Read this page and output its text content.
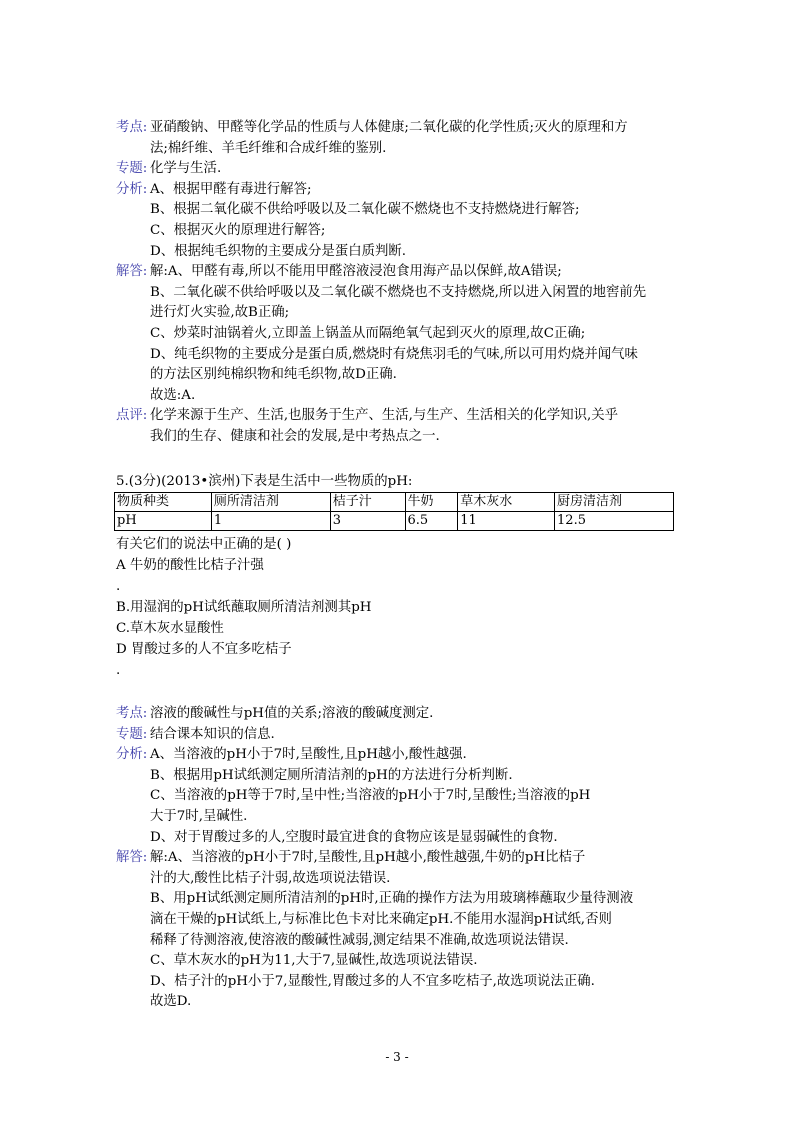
考点: 亚硝酸钠、甲醛等化学品的性质与人体健康;二氧化碳的化学性质;灭火的原理和方
法;棉纤维、羊毛纤维和合成纤维的鉴别.
专题: 化学与生活.
分析: A、根据甲醛有毒进行解答;
B、根据二氧化碳不供给呼吸以及二氧化碳不燃烧也不支持燃烧进行解答;
C、根据灭火的原理进行解答;
D、根据纯毛织物的主要成分是蛋白质判断.
解答: 解:A、甲醛有毒,所以不能用甲醛溶液浸泡食用海产品以保鲜,故A错误;
B、二氧化碳不供给呼吸以及二氧化碳不燃烧也不支持燃烧,所以进入闲置的地窖前先
进行灯火实验,故B正确;
C、炒菜时油锅着火,立即盖上锅盖从而隔绝氧气起到灭火的原理,故C正确;
D、纯毛织物的主要成分是蛋白质,燃烧时有烧焦羽毛的气味,所以可用灼烧并闻气味
的方法区别纯棉织物和纯毛织物,故D正确.
故选:A.
点评: 化学来源于生产、生活,也服务于生产、生活,与生产、生活相关的化学知识,关乎
我们的生存、健康和社会的发展,是中考热点之一.
5.(3分)(2013•滨州)下表是生活中一些物质的pH:
物质种类	厕所清洁剂	桔子汁	牛奶	草木灰水	厨房清洁剂
pH	1	3	6.5	11	12.5
有关它们的说法中正确的是( )
A 牛奶的酸性比桔子汁强
.
B.用湿润的pH试纸蘸取厕所清洁剂测其pH
C.草木灰水显酸性
D 胃酸过多的人不宜多吃桔子
.
考点: 溶液的酸碱性与pH值的关系;溶液的酸碱度测定.
专题: 结合课本知识的信息.
分析: A、当溶液的pH小于7时,呈酸性,且pH越小,酸性越强.
B、根据用pH试纸测定厕所清洁剂的pH的方法进行分析判断.
C、当溶液的pH等于7时,呈中性;当溶液的pH小于7时,呈酸性;当溶液的pH
大于7时,呈碱性.
D、对于胃酸过多的人,空腹时最宜进食的食物应该是显弱碱性的食物.
解答: 解:A、当溶液的pH小于7时,呈酸性,且pH越小,酸性越强,牛奶的pH比桔子
汁的大,酸性比桔子汁弱,故选项说法错误.
B、用pH试纸测定厕所清洁剂的pH时,正确的操作方法为用玻璃棒蘸取少量待测液
滴在干燥的pH试纸上,与标准比色卡对比来确定pH.不能用水湿润pH试纸,否则
稀释了待测溶液,使溶液的酸碱性减弱,测定结果不准确,故选项说法错误.
C、草木灰水的pH为11,大于7,显碱性,故选项说法错误.
D、桔子汁的pH小于7,显酸性,胃酸过多的人不宜多吃桔子,故选项说法正确.
故选D.
- 3 -
